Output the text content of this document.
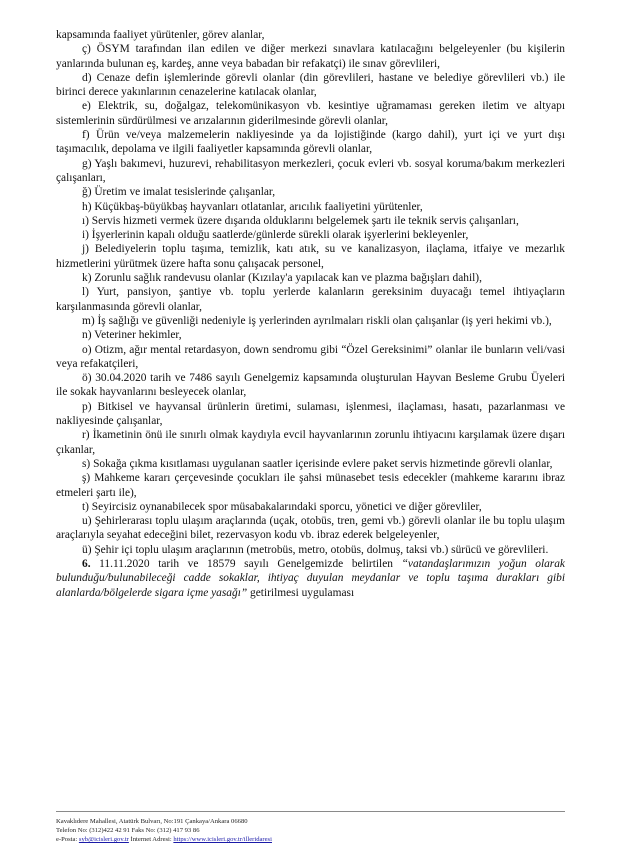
kapsamında faaliyet yürütenler, görev alanlar,

ç) ÖSYM tarafından ilan edilen ve diğer merkezi sınavlara katılacağını belgeleyenler (bu kişilerin yanlarında bulunan eş, kardeş, anne veya babadan bir refakatçi) ile sınav görevlileri,

d) Cenaze defin işlemlerinde görevli olanlar (din görevlileri, hastane ve belediye görevlileri vb.) ile birinci derece yakınlarının cenazelerine katılacak olanlar,

e) Elektrik, su, doğalgaz, telekomünikasyon vb. kesintiye uğramaması gereken iletim ve altyapı sistemlerinin sürdürülmesi ve arızalarının giderilmesinde görevli olanlar,

f) Ürün ve/veya malzemelerin nakliyesinde ya da lojistiğinde (kargo dahil), yurt içi ve yurt dışı taşımacılık, depolama ve ilgili faaliyetler kapsamında görevli olanlar,

g) Yaşlı bakımevi, huzurevi, rehabilitasyon merkezleri, çocuk evleri vb. sosyal koruma/bakım merkezleri çalışanları,

ğ) Üretim ve imalat tesislerinde çalışanlar,

h) Küçükbaş-büyükbaş hayvanları otlatanlar, arıcılık faaliyetini yürütenler,

ı) Servis hizmeti vermek üzere dışarıda olduklarını belgelemek şartı ile teknik servis çalışanları,

i) İşyerlerinin kapalı olduğu saatlerde/günlerde sürekli olarak işyerlerini bekleyenler,

j) Belediyelerin toplu taşıma, temizlik, katı atık, su ve kanalizasyon, ilaçlama, itfaiye ve mezarlık hizmetlerini yürütmek üzere hafta sonu çalışacak personel,

k) Zorunlu sağlık randevusu olanlar (Kızılay'a yapılacak kan ve plazma bağışları dahil),

l) Yurt, pansiyon, şantiye vb. toplu yerlerde kalanların gereksinim duyacağı temel ihtiyaçların karşılanmasında görevli olanlar,

m) İş sağlığı ve güvenliği nedeniyle iş yerlerinden ayrılmaları riskli olan çalışanlar (iş yeri hekimi vb.),

n) Veteriner hekimler,

o) Otizm, ağır mental retardasyon, down sendromu gibi “Özel Gereksinimi” olanlar ile bunların veli/vasi veya refakatçileri,

ö) 30.04.2020 tarih ve 7486 sayılı Genelgemiz kapsamında oluşturulan Hayvan Besleme Grubu Üyeleri ile sokak hayvanlarını besleyecek olanlar,

p) Bitkisel ve hayvansal ürünlerin üretimi, sulaması, işlenmesi, ilaçlaması, hasatı, pazarlanması ve nakliyesinde çalışanlar,

r) İkametinin önü ile sınırlı olmak kaydıyla evcil hayvanlarının zorunlu ihtiyacını karşılamak üzere dışarı çıkanlar,

s) Sokağa çıkma kısıtlaması uygulanan saatler içerisinde evlere paket servis hizmetinde görevli olanlar,

ş) Mahkeme kararı çerçevesinde çocukları ile şahsi münasebet tesis edecekler (mahkeme kararını ibraz etmeleri şartı ile),

t) Seyircisiz oynanabilecek spor müsabakalarındaki sporcu, yönetici ve diğer görevliler,

u) Şehirlerarası toplu ulaşım araçlarında (uçak, otobüs, tren, gemi vb.) görevli olanlar ile bu toplu ulaşım araçlarıyla seyahat edeceğini bilet, rezervasyon kodu vb. ibraz ederek belgeleyenler,

ü) Şehir içi toplu ulaşım araçlarının (metrobüs, metro, otobüs, dolmuş, taksi vb.) sürücü ve görevlileri.

6. 11.11.2020 tarih ve 18579 sayılı Genelgemizde belirtilen “vatandaşlarımızın yoğun olarak bulunduğu/bulunabileceği cadde sokaklar, ihtiyaç duyulan meydanlar ve toplu taşıma durakları gibi alanlarda/bölgelerde sigara içme yasağı” getirilmesi uygulaması

Kavaklıdere Mahallesi, Atatürk Bulvarı, No:191 Çankaya/Ankara 06680
Telefon No: (312)422 42 91 Faks No: (312) 417 93 86
e-Posta: syb@icisleri.gov.tr İnternet Adresi: https://www.icisleri.gov.tr/illeridaresi
